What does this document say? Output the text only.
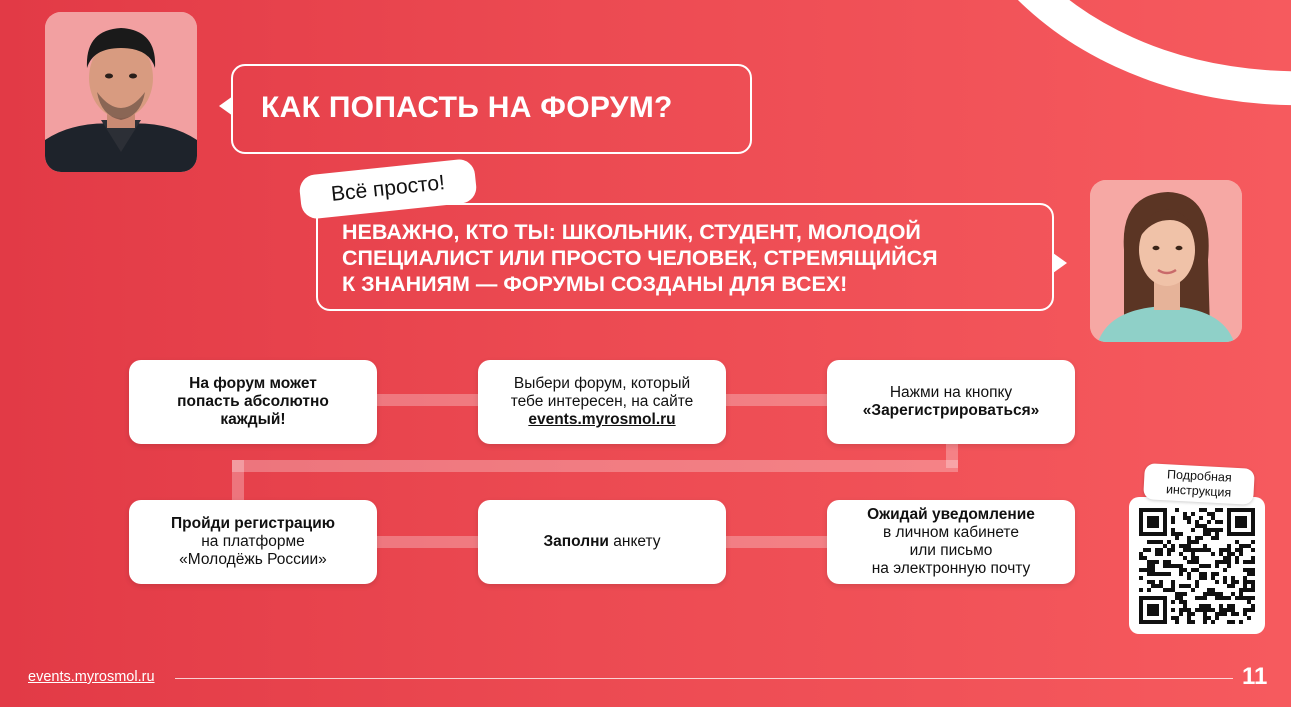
КАК ПОПАСТЬ НА ФОРУМ?
НЕВАЖНО, КТО ТЫ: ШКОЛЬНИК, СТУДЕНТ, МОЛОДОЙ
СПЕЦИАЛИСТ ИЛИ ПРОСТО ЧЕЛОВЕК, СТРЕМЯЩИЙСЯ
К ЗНАНИЯМ — ФОРУМЫ СОЗДАНЫ ДЛЯ ВСЕХ!
Всё просто!
На форум может
попасть абсолютно
каждый!
Выбери форум, который
тебе интересен, на сайте
events.myrosmol.ru
Нажми на кнопку
«Зарегистрироваться»
Пройди регистрацию
на платформе
«Молодёжь России»
Заполни анкету
Ожидай уведомление
в личном кабинете
или письмо
на электронную почту
Подробная
инструкция
events.myrosmol.ru	11
